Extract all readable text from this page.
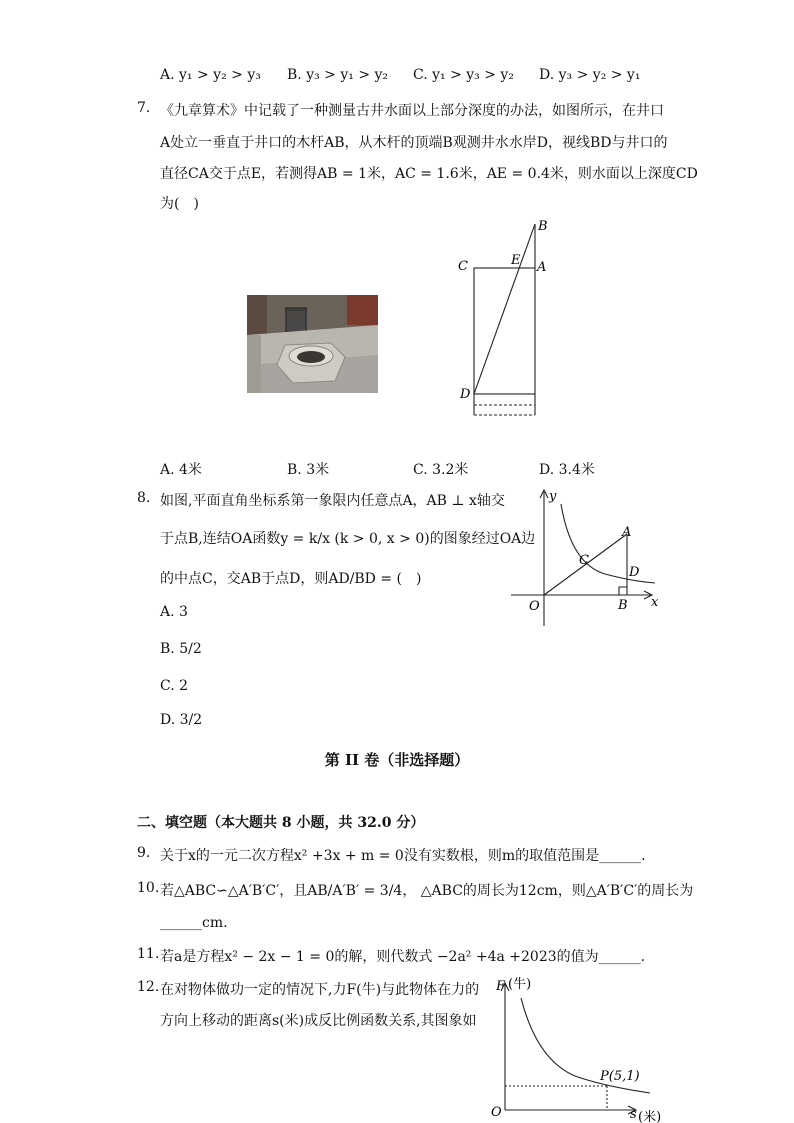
A. y₁ > y₂ > y₃ B. y₃ > y₁ > y₂ C. y₁ > y₃ > y₂ D. y₃ > y₂ > y₁
7. 《九章算术》中记载了一种测量古井水面以上部分深度的办法，如图所示，在井口
A处立一垂直于井口的木杆AB，从木杆的顶端B观测井水水岸D，视线BD与井口的
直径CA交于点E，若测得AB = 1米，AC = 1.6米，AE = 0.4米，则水面以上深度CD
为(　)
B
C	E A
D
A. 4米	B. 3米	C. 3.2米	D. 3.4米
8. 如图,平面直角坐标系第一象限内任意点A，AB ⊥ x轴交
于点B,连结OA函数y = k/x (k > 0, x > 0)的图象经过OA边
的中点C，交AB于点D，则AD/BD = (　)
A. 3
B. 5/2
C. 2
D. 3/2
y
x
O
A
B
C
D
第 II 卷（非选择题）
二、填空题（本大题共 8 小题，共 32.0 分）
9. 关于x的一元二次方程x² +3x + m = 0没有实数根，则m的取值范围是______.
10. 若△ABC∽△A′B′C′，且AB/A′B′ = 3/4， △ABC的周长为12cm，则△A′B′C′的周长为
______cm.
11. 若a是方程x² − 2x − 1 = 0的解，则代数式 −2a² +4a +2023的值为______.
12. 在对物体做功一定的情况下,力F(牛)与此物体在力的
方向上移动的距离s(米)成反比例函数关系,其图象如
F (牛)
P(5,1)
O	s (米)
